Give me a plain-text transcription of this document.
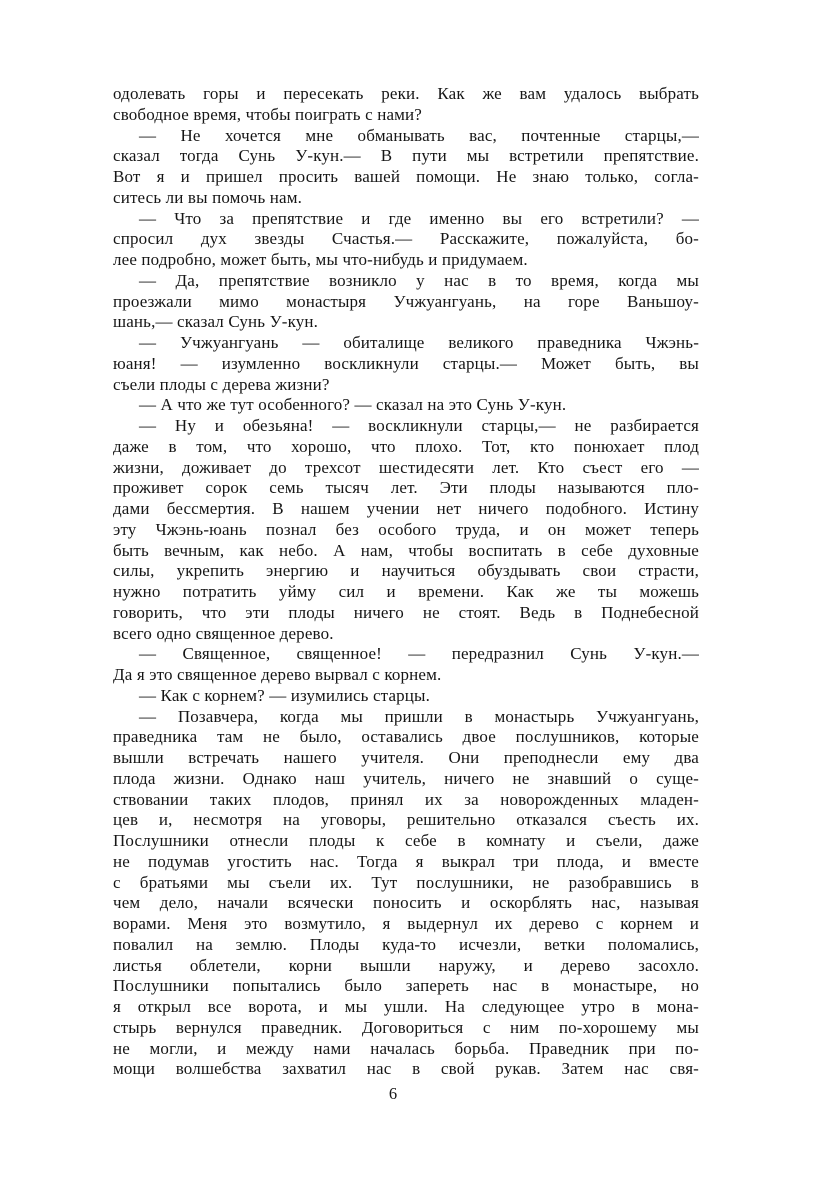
одолевать горы и пересекать реки. Как же вам удалось выбрать
свободное время, чтобы поиграть с нами?
— Не хочется мне обманывать вас, почтенные старцы,—
сказал тогда Сунь У-кун.— В пути мы встретили препятствие.
Вот я и пришел просить вашей помощи. Не знаю только, согла-
ситесь ли вы помочь нам.
— Что за препятствие и где именно вы его встретили? —
спросил дух звезды Счастья.— Расскажите, пожалуйста, бо-
лее подробно, может быть, мы что-нибудь и придумаем.
— Да, препятствие возникло у нас в то время, когда мы
проезжали мимо монастыря Учжуангуань, на горе Ваньшоу-
шань,— сказал Сунь У-кун.
— Учжуангуань — обиталище великого праведника Чжэнь-
юаня! — изумленно воскликнули старцы.— Может быть, вы
съели плоды с дерева жизни?
— А что же тут особенного? — сказал на это Сунь У-кун.
— Ну и обезьяна! — воскликнули старцы,— не разбирается
даже в том, что хорошо, что плохо. Тот, кто понюхает плод
жизни, доживает до трехсот шестидесяти лет. Кто съест его —
проживет сорок семь тысяч лет. Эти плоды называются пло-
дами бессмертия. В нашем учении нет ничего подобного. Истину
эту Чжэнь-юань познал без особого труда, и он может теперь
быть вечным, как небо. А нам, чтобы воспитать в себе духовные
силы, укрепить энергию и научиться обуздывать свои страсти,
нужно потратить уйму сил и времени. Как же ты можешь
говорить, что эти плоды ничего не стоят. Ведь в Поднебесной
всего одно священное дерево.
— Священное, священное! — передразнил Сунь У-кун.—
Да я это священное дерево вырвал с корнем.
— Как с корнем? — изумились старцы.
— Позавчера, когда мы пришли в монастырь Учжуангуань,
праведника там не было, оставались двое послушников, которые
вышли встречать нашего учителя. Они преподнесли ему два
плода жизни. Однако наш учитель, ничего не знавший о суще-
ствовании таких плодов, принял их за новорожденных младен-
цев и, несмотря на уговоры, решительно отказался съесть их.
Послушники отнесли плоды к себе в комнату и съели, даже
не подумав угостить нас. Тогда я выкрал три плода, и вместе
с братьями мы съели их. Тут послушники, не разобравшись в
чем дело, начали всячески поносить и оскорблять нас, называя
ворами. Меня это возмутило, я выдернул их дерево с корнем и
повалил на землю. Плоды куда-то исчезли, ветки поломались,
листья облетели, корни вышли наружу, и дерево засохло.
Послушники попытались было запереть нас в монастыре, но
я открыл все ворота, и мы ушли. На следующее утро в мона-
стырь вернулся праведник. Договориться с ним по-хорошему мы
не могли, и между нами началась борьба. Праведник при по-
мощи волшебства захватил нас в свой рукав. Затем нас свя-
6
